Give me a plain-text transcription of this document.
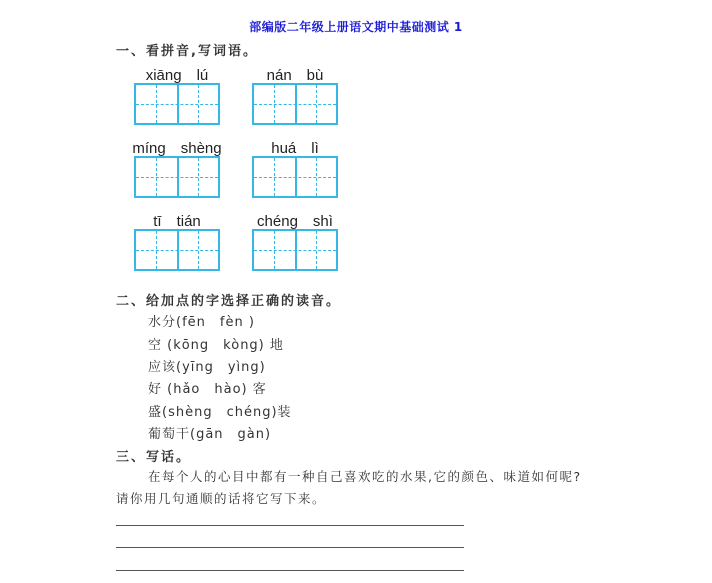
部编版二年级上册语文期中基础测试 1
一、看拼音,写词语。
xiāng　lú	nán　bù
míng　shèng	huá　lì
tī　tián	chéng　shì
二、给加点的字选择正确的读音。
水分(fēn　fèn )
空 (kōng　kòng) 地
应该(yīng　yìng)
好 (hǎo　hào) 客
盛(shèng　chéng)装
葡萄干(gān　gàn)
三、写话。
在每个人的心目中都有一种自己喜欢吃的水果,它的颜色、味道如何呢?
请你用几句通顺的话将它写下来。
